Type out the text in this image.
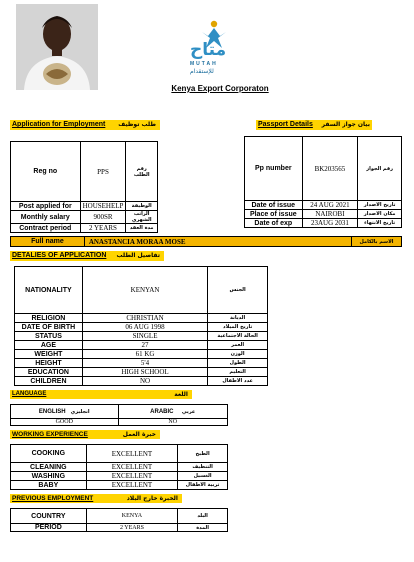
متاح
MUTAH
للإستقدام
Kenya Export Corporaton
Application for Employment طلب توظيف	Passport Details بيان جواز السفر
Reg no	PPS	رقم الطلب
Post applied for	HOUSEHELP	الوظيفة
Monthly salary	900SR	الراتب الشهري
Contract period	2 YEARS	مدة العقد
Pp number	BK203565	رقم الجواز
Date of issue	24 AUG 2021	تاريخ الاصدار
Place of issue	NAIROBI	مكان الاصدار
Date of exp	23AUG 2031	تاريخ الانتهاء
Full name	ANASTANCIA MORAA MOSE	الاسم بالكامل
DETALIES OF APPLICATION تفاصيل الطلب
NATIONALITY	KENYAN	الجنس
RELIGION	CHRISTIAN	الديانة
DATE OF BIRTH	06 AUG 1998	تاريخ الميلاد
STATUS	SINGLE	الحالة الاجتماعية
AGE	27	العمر
WEIGHT	61 KG	الوزن
HEIGHT	5'4	الطول
EDUCATION	HIGH SCHOOL	التعليم
CHILDREN	NO	عدد الاطفال
LANGUAGE	اللغة
ENGLISH انجليزي	ARABIC عربي
GOOD	NO
WORKING EXPERIENCE	خبرة العمل
COOKING	EXCELLENT	الطبخ
CLEANING	EXCELLENT	التنظيف
WASHING	EXCELLENT	الغسيل
BABY	EXCELLENT	تربية الاطفال
PREVIOUS EMPLOYMENT	الخبرة خارج البلاد
COUNTRY	KENYA	البلد
PERIOD	2 YEARS	المدة
